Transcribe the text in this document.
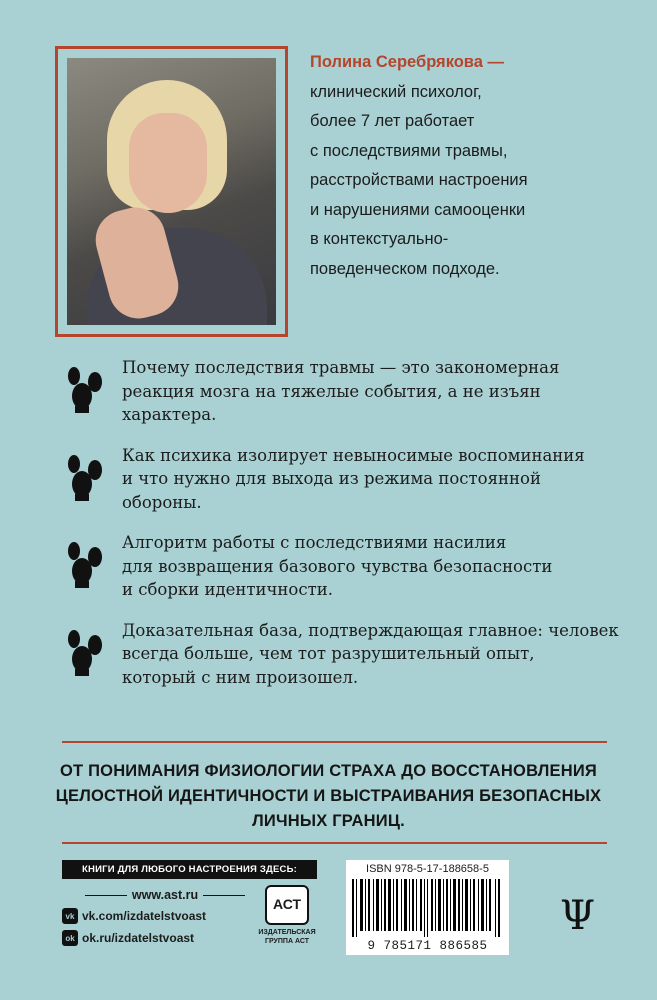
Полина Серебрякова —
клинический психолог,
более 7 лет работает
с последствиями травмы,
расстройствами настроения
и нарушениями самооценки
в контекстуально-
поведенческом подходе.
Почему последствия травмы — это закономерная
реакция мозга на тяжелые события, а не изъян
характера.
Как психика изолирует невыносимые воспоминания
и что нужно для выхода из режима постоянной
обороны.
Алгоритм работы с последствиями насилия
для возвращения базового чувства безопасности
и сборки идентичности.
Доказательная база, подтверждающая главное: человек
всегда больше, чем тот разрушительный опыт,
который с ним произошел.
ОТ ПОНИМАНИЯ ФИЗИОЛОГИИ СТРАХА ДО ВОССТАНОВЛЕНИЯ
ЦЕЛОСТНОЙ ИДЕНТИЧНОСТИ И ВЫСТРАИВАНИЯ БЕЗОПАСНЫХ
ЛИЧНЫХ ГРАНИЦ.
КНИГИ ДЛЯ ЛЮБОГО НАСТРОЕНИЯ ЗДЕСЬ:
www.ast.ru
vk vk.com/izdatelstvoast
ok ok.ru/izdatelstvoast
АСТ
ИЗДАТЕЛЬСКАЯ
ГРУППА АСТ
ISBN 978-5-17-188658-5
9 785171 886585
Ψ
